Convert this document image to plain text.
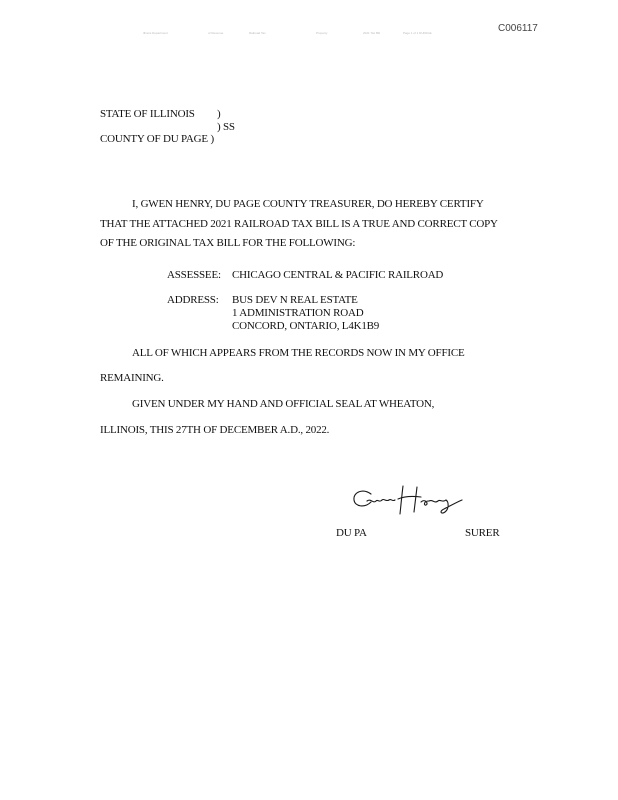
C006117
Illinois Department	of Revenue	Railroad Tax	Property	2021 Tax Bill	Page 1 of 1 DUPAGE
STATE OF ILLINOIS )
) SS
COUNTY OF DU PAGE )
I, GWEN HENRY, DU PAGE COUNTY TREASURER, DO HEREBY CERTIFY
THAT THE ATTACHED 2021 RAILROAD TAX BILL IS A TRUE AND CORRECT COPY
OF THE ORIGINAL TAX BILL FOR THE FOLLOWING:
ASSESSEE: CHICAGO CENTRAL & PACIFIC RAILROAD
ADDRESS: BUS DEV N REAL ESTATE
1 ADMINISTRATION ROAD
CONCORD, ONTARIO, L4K1B9
ALL OF WHICH APPEARS FROM THE RECORDS NOW IN MY OFFICE
REMAINING.
GIVEN UNDER MY HAND AND OFFICIAL SEAL AT WHEATON,
ILLINOIS, THIS 27TH OF DECEMBER A.D., 2022.
DU PA	SURER
